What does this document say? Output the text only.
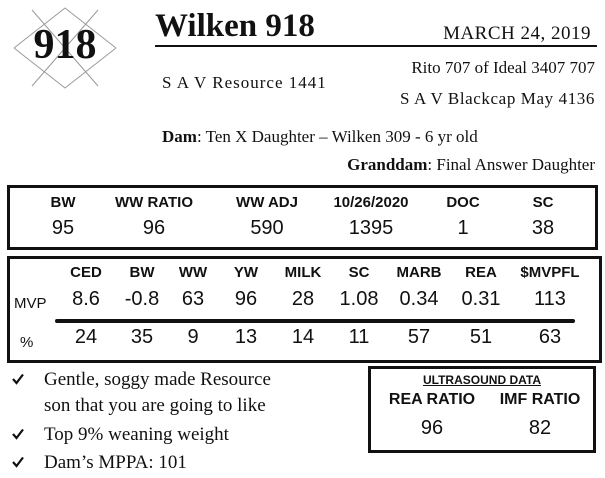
918	Wilken 918	MARCH 24, 2019
S A V Resource 1441
Rito 707 of Ideal 3407 707
S A V Blackcap May 4136
Dam: Ten X Daughter – Wilken 309 - 6 yr old
Granddam: Final Answer Daughter
BW
95
WW RATIO
96
WW ADJ
590
10/26/2020
1395
DOC
1
SC
38
MVP
%
CED
8.6
24
BW
-0.8
35
WW
63
9
YW
96
13
MILK
28
14
SC
1.08
11
MARB
0.34
57
REA
0.31
51
$MVPFL
113
63
Gentle, soggy made Resource
son that you are going to like
Top 9% weaning weight
Dam’s MPPA: 101
ULTRASOUND DATA
REA RATIO
96
IMF RATIO
82
